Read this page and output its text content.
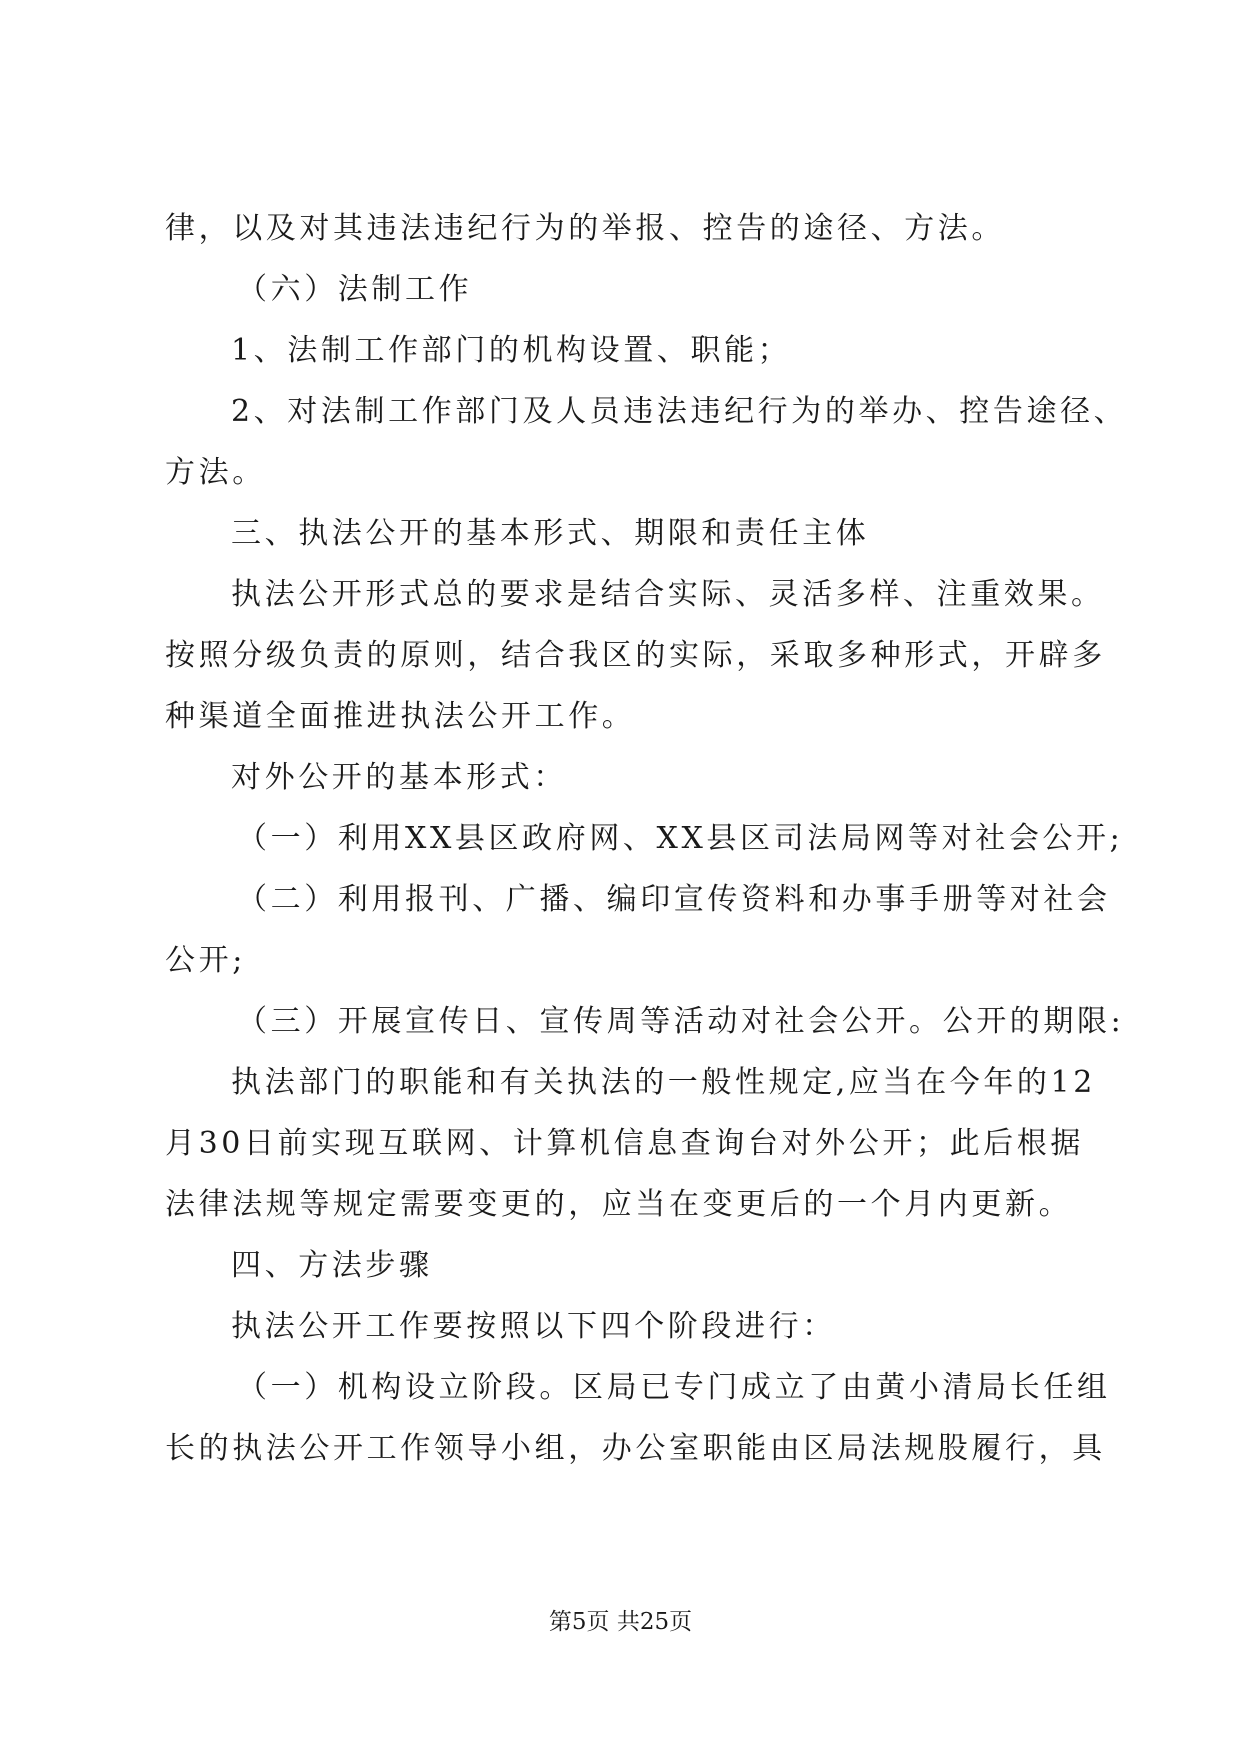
律，以及对其违法违纪行为的举报、控告的途径、方法。
（六）法制工作
1、法制工作部门的机构设置、职能；
2、对法制工作部门及人员违法违纪行为的举办、控告途径、
方法。
三、执法公开的基本形式、期限和责任主体
执法公开形式总的要求是结合实际、灵活多样、注重效果。
按照分级负责的原则，结合我区的实际，采取多种形式，开辟多
种渠道全面推进执法公开工作。
对外公开的基本形式：
（一）利用XX县区政府网、XX县区司法局网等对社会公开;
（二）利用报刊、广播、编印宣传资料和办事手册等对社会
公开;
（三）开展宣传日、宣传周等活动对社会公开。公开的期限:
执法部门的职能和有关执法的一般性规定,应当在今年的12
月30日前实现互联网、计算机信息查询台对外公开；此后根据
法律法规等规定需要变更的，应当在变更后的一个月内更新。
四、方法步骤
执法公开工作要按照以下四个阶段进行：
（一）机构设立阶段。区局已专门成立了由黄小清局长任组
长的执法公开工作领导小组，办公室职能由区局法规股履行，具
第5页 共25页
